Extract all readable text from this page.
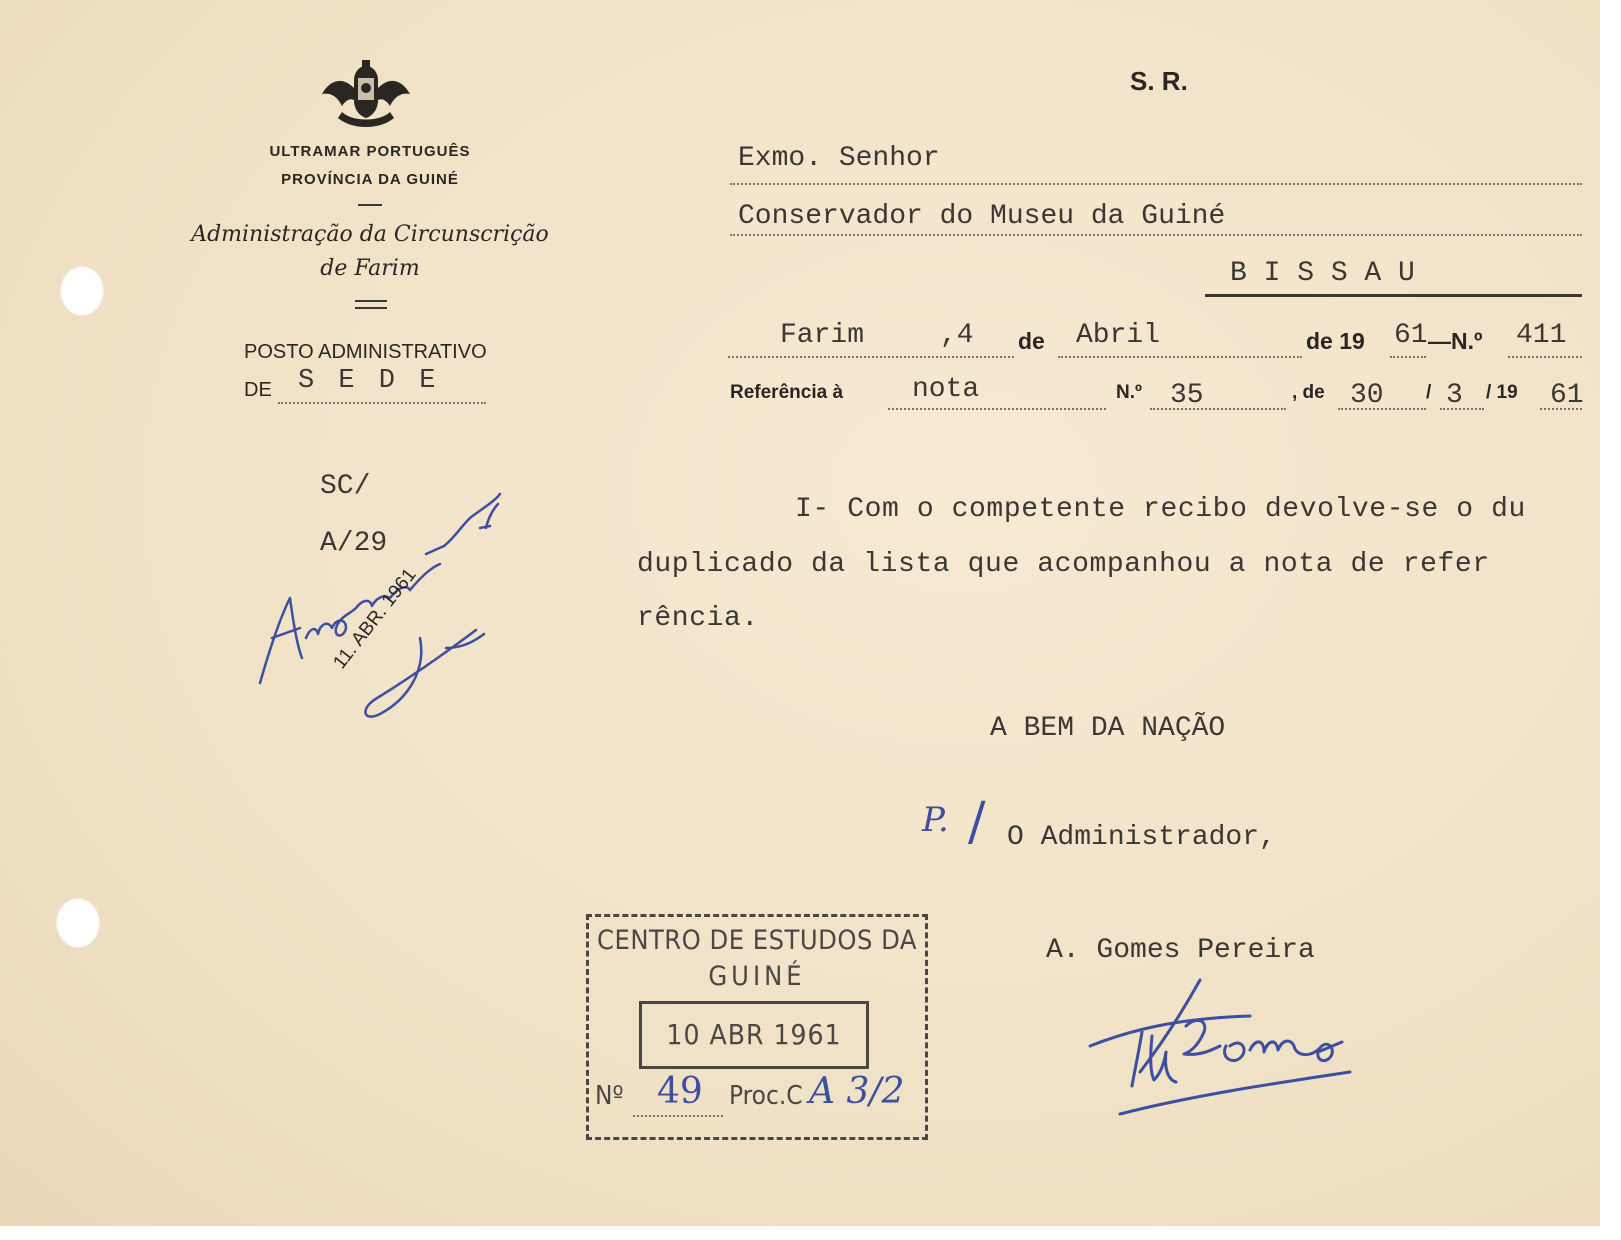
ULTRAMAR PORTUGUÊS
PROVÍNCIA DA GUINÉ
Administração da Circunscrição
de Farim
POSTO ADMINISTRATIVO
DE S E D E
S. R.
Exmo. Senhor
Conservador do Museu da Guiné
B I S S A U
Farim	,4 de Abril	de 19 61 —N.º 411
Referência à nota	N.º 35	, de 30 / 3 / 19 61
SC/
A/29
I- Com o competente recibo devolve-se o du
duplicado da lista que acompanhou a nota de refer
rência.
A BEM DA NAÇÃO
P. / O Administrador,
A. Gomes Pereira
11. ABR. 1961
CENTRO DE ESTUDOS DA
GUINÉ
10 ABR 1961
Nº 49 Proc.C A 3/2
